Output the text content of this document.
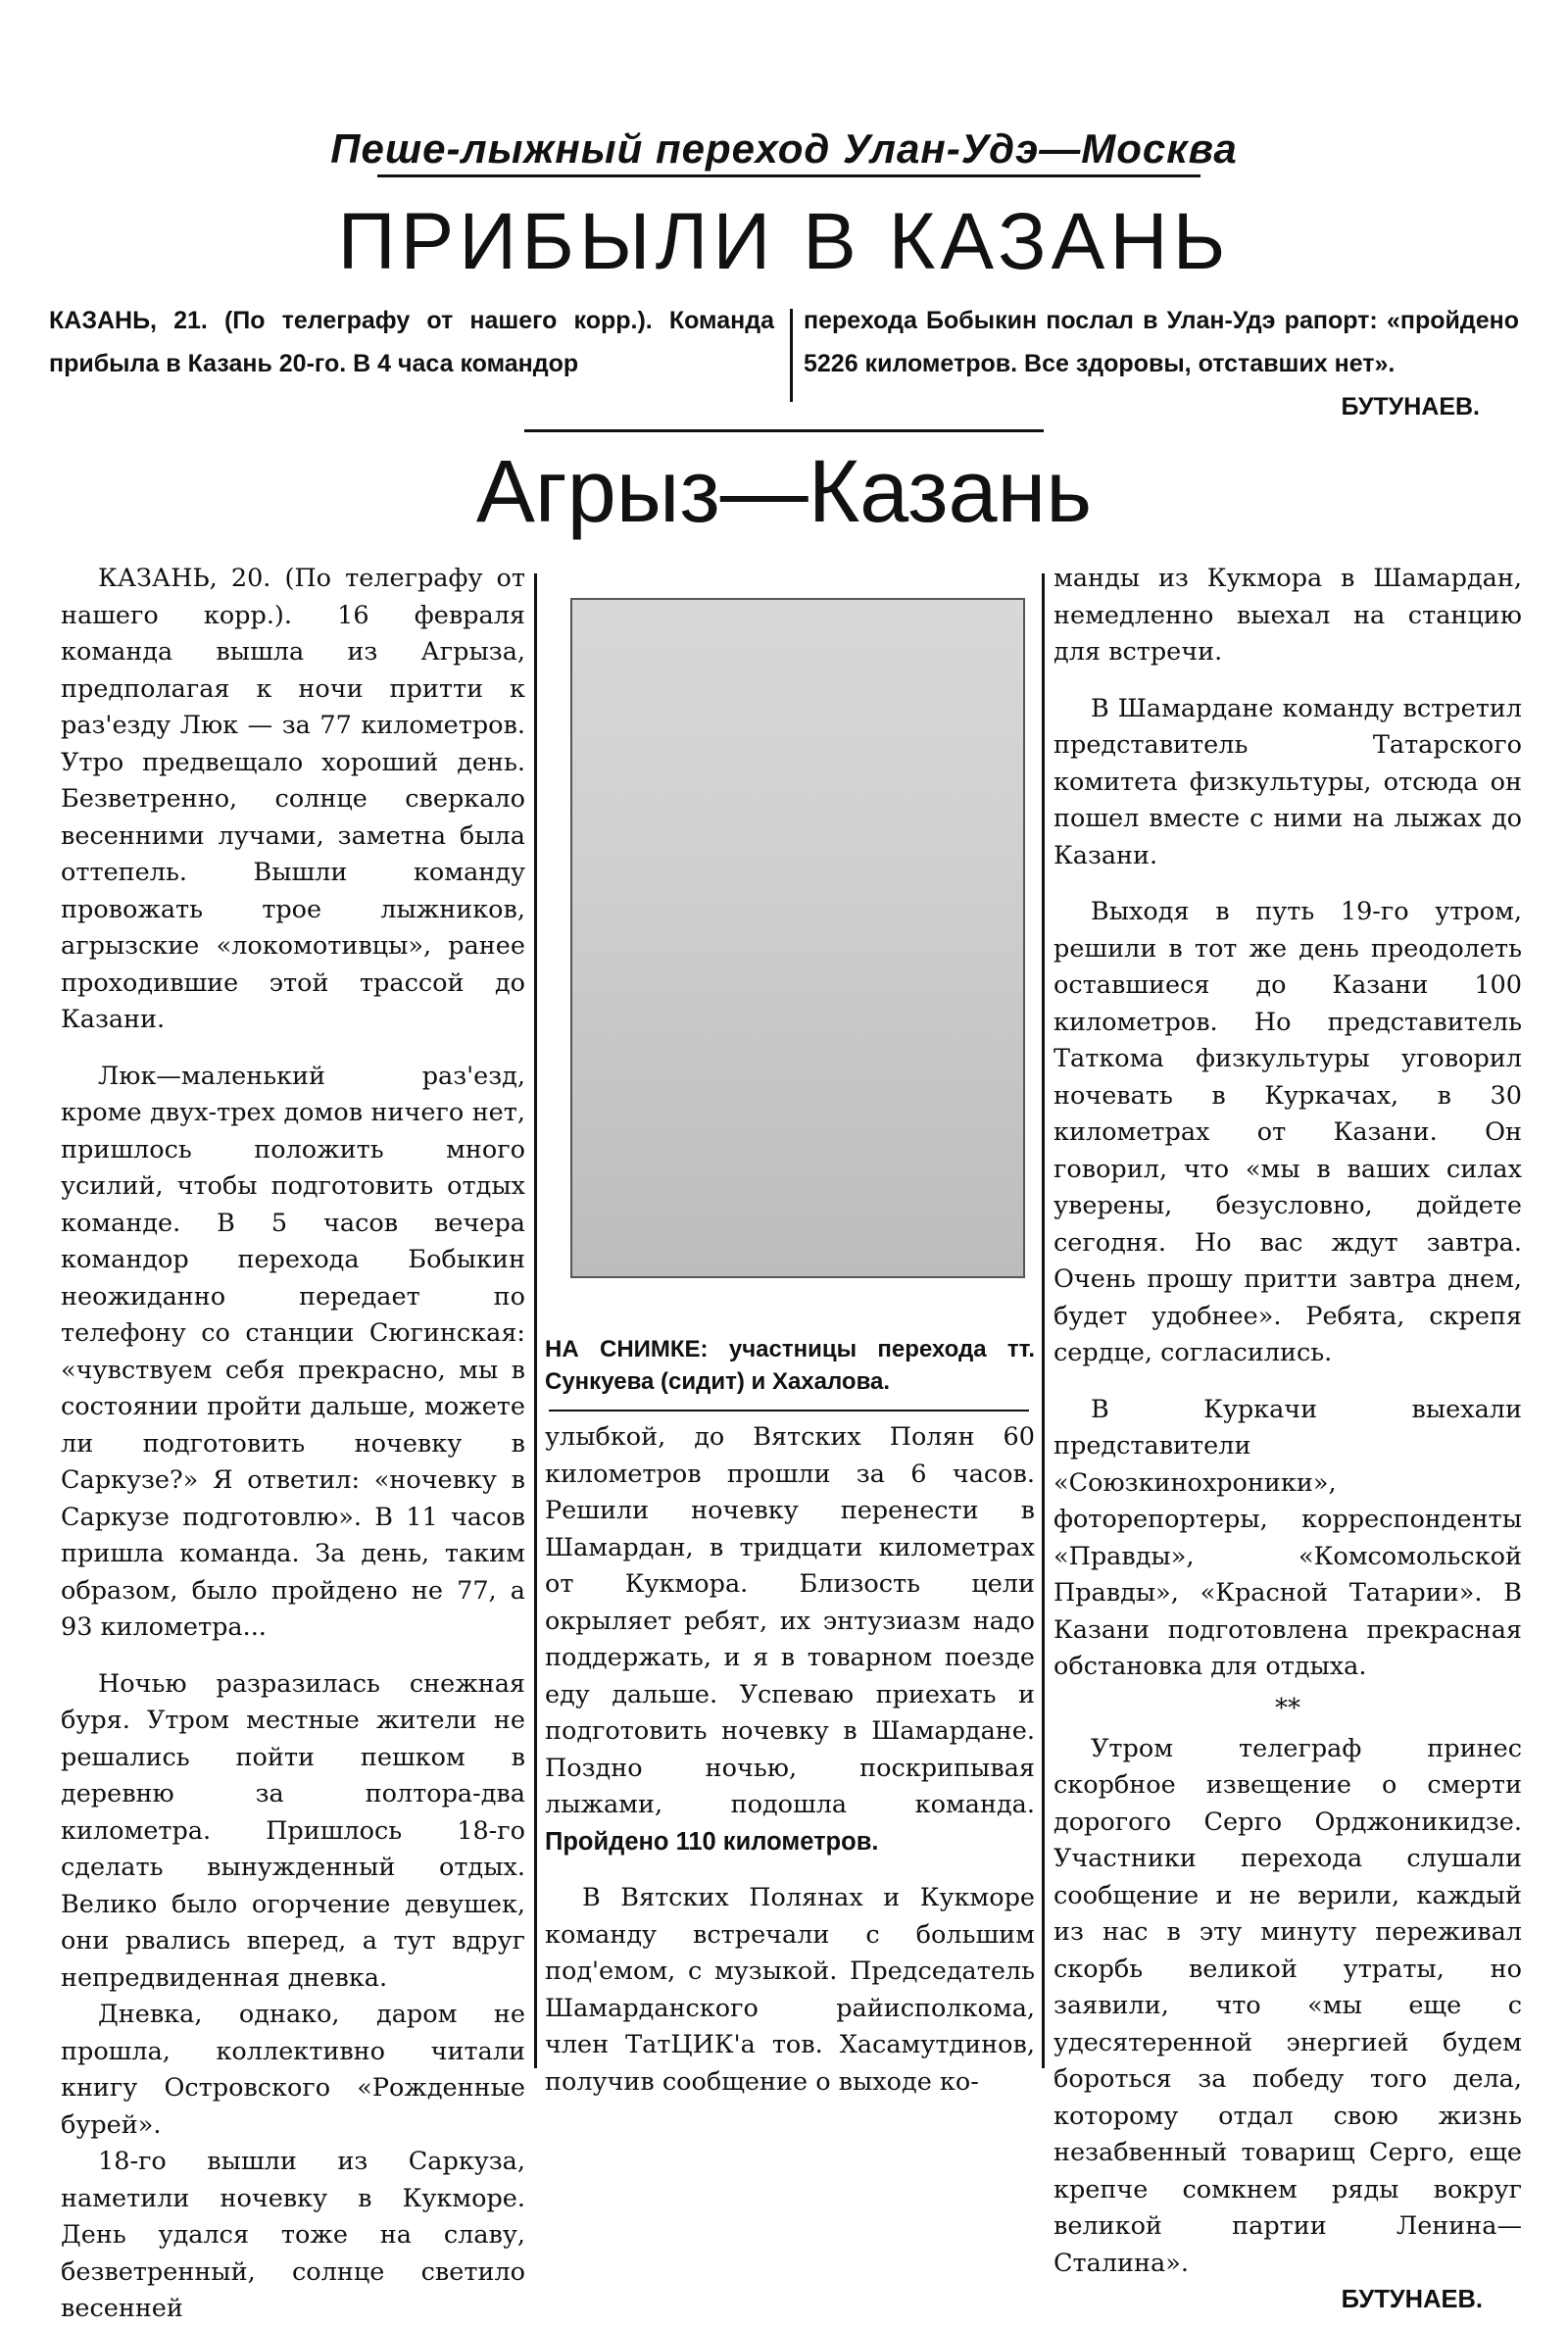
Пеше-лыжный переход Улан-Удэ—Москва
ПРИБЫЛИ В КАЗАНЬ
КАЗАНЬ, 21. (По телеграфу от нашего корр.). Команда прибыла в Казань 20-го. В 4 часа командор
перехода Бобыкин послал в Улан-Удэ рапорт: «пройдено 5226 километров. Все здоровы, отставших нет».
БУТУНАЕВ.
Агрыз—Казань

КАЗАНЬ, 20. (По телеграфу от нашего корр.). 16 февраля команда вышла из Агрыза, предполагая к ночи притти к раз'езду Люк — за 77 километров. Утро предвещало хороший день. Безветренно, солнце сверкало весенними лучами, заметна была оттепель. Вышли команду провожать трое лыжников, агрызские «локомотивцы», ранее проходившие этой трассой до Казани.

Люк—маленький раз'езд, кроме двух-трех домов ничего нет, пришлось положить много усилий, чтобы подготовить отдых команде. В 5 часов вечера командор перехода Бобыкин неожиданно передает по телефону со станции Сюгинская: «чувствуем себя прекрасно, мы в состоянии пройти дальше, можете ли подготовить ночевку в Саркузе?» Я ответил: «ночевку в Саркузе подготовлю». В 11 часов пришла команда. За день, таким образом, было пройдено не 77, а 93 километра...

Ночью разразилась снежная буря. Утром местные жители не решались пойти пешком в деревню за полтора-два километра. Пришлось 18-го сделать вынужденный отдых. Велико было огорчение девушек, они рвались вперед, а тут вдруг непредвиденная дневка.

Дневка, однако, даром не прошла, коллективно читали книгу Островского «Рожденные бурей».

18-го вышли из Саркуза, наметили ночевку в Кукморе. День удался тоже на славу, безветренный, солнце светило весенней

НА СНИМКЕ: участницы перехода тт. Сункуева (сидит) и Хахалова.

улыбкой, до Вятских Полян 60 километров прошли за 6 часов. Решили ночевку перенести в Шамардан, в тридцати километрах от Кукмора. Близость цели окрыляет ребят, их энтузиазм надо поддержать, и я в товарном поезде еду дальше. Успеваю приехать и подготовить ночевку в Шамардане. Поздно ночью, поскрипывая лыжами, подошла команда. Пройдено 110 километров.

В Вятских Полянах и Кукморе команду встречали с большим под'емом, с музыкой. Председатель Шамарданского райисполкома, член ТатЦИК'а тов. Хасамутдинов, получив сообщение о выходе ко-

манды из Кукмора в Шамардан, немедленно выехал на станцию для встречи.

В Шамардане команду встретил представитель Татарского комитета физкультуры, отсюда он пошел вместе с ними на лыжах до Казани.

Выходя в путь 19-го утром, решили в тот же день преодолеть оставшиеся до Казани 100 километров. Но представитель Таткома физкультуры уговорил ночевать в Куркачах, в 30 километрах от Казани. Он говорил, что «мы в ваших силах уверены, безусловно, дойдете сегодня. Но вас ждут завтра. Очень прошу притти завтра днем, будет удобнее». Ребята, скрепя сердце, согласились.

В Куркачи выехали представители «Союзкинохроники», фоторепортеры, корреспонденты «Правды», «Комсомольской Правды», «Красной Татарии». В Казани подготовлена прекрасная обстановка для отдыха.

**

Утром телеграф принес скорбное извещение о смерти дорогого Серго Орджоникидзе. Участники перехода слушали сообщение и не верили, каждый из нас в эту минуту переживал скорбь великой утраты, но заявили, что «мы еще с удесятеренной энергией будем бороться за победу того дела, которому отдал свою жизнь незабвенный товарищ Серго, еще крепче сомкнем ряды вокруг великой партии Ленина—Сталина».

БУТУНАЕВ.
